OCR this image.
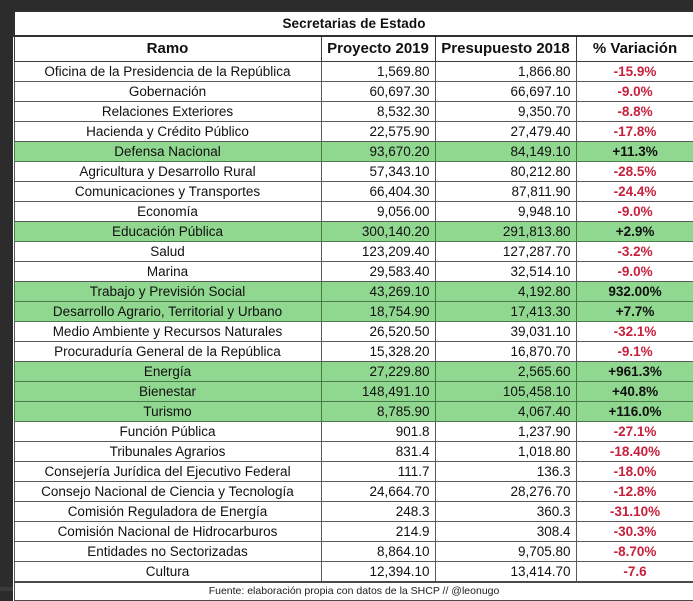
Secretarias de Estado			
Ramo	Proyecto 2019	Presupuesto 2018	% Variación
Oficina de la Presidencia de la República	1,569.80	1,866.80	-15.9%
Gobernación	60,697.30	66,697.10	-9.0%
Relaciones Exteriores	8,532.30	9,350.70	-8.8%
Hacienda y Crédito Público	22,575.90	27,479.40	-17.8%
Defensa Nacional	93,670.20	84,149.10	+11.3%
Agricultura y Desarrollo Rural	57,343.10	80,212.80	-28.5%
Comunicaciones y Transportes	66,404.30	87,811.90	-24.4%
Economía	9,056.00	9,948.10	-9.0%
Educación Pública	300,140.20	291,813.80	+2.9%
Salud	123,209.40	127,287.70	-3.2%
Marina	29,583.40	32,514.10	-9.0%
Trabajo y Previsión Social	43,269.10	4,192.80	932.00%
Desarrollo Agrario, Territorial y Urbano	18,754.90	17,413.30	+7.7%
Medio Ambiente y Recursos Naturales	26,520.50	39,031.10	-32.1%
Procuraduría General de la República	15,328.20	16,870.70	-9.1%
Energía	27,229.80	2,565.60	+961.3%
Bienestar	148,491.10	105,458.10	+40.8%
Turismo	8,785.90	4,067.40	+116.0%
Función Pública	901.8	1,237.90	-27.1%
Tribunales Agrarios	831.4	1,018.80	-18.40%
Consejería Jurídica del Ejecutivo Federal	111.7	136.3	-18.0%
Consejo Nacional de Ciencia y Tecnología	24,664.70	28,276.70	-12.8%
Comisión Reguladora de Energía	248.3	360.3	-31.10%
Comisión Nacional de Hidrocarburos	214.9	308.4	-30.3%
Entidades no Sectorizadas	8,864.10	9,705.80	-8.70%
Cultura	12,394.10	13,414.70	-7.6
Fuente: elaboración propia con datos de la SHCP // @leonugo			
